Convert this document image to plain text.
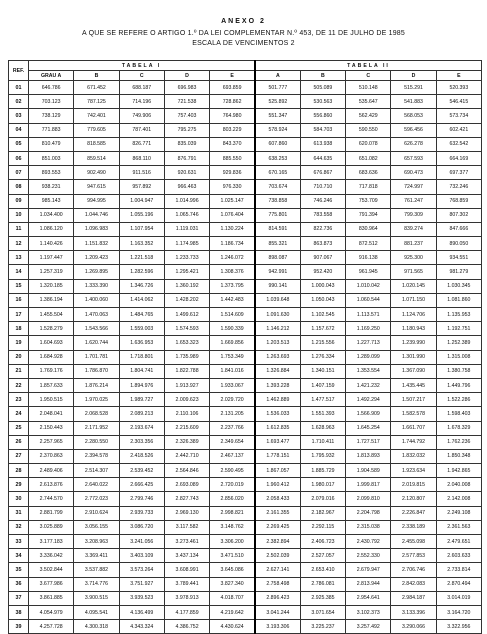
ANEXO 2
A QUE SE REFERE O ARTIGO 1.º DA LEI COMPLEMENTAR N.º 453, DE 11 DE JULHO DE 1985
ESCALA DE VENCIMENTOS 2
REF.	TABELA I					TABELA II				
	GRAU A	B	C	D	E	A	B	C	D	E
01	646.786	671.452	688.187	696.983	693.859	501.777	505.089	510.148	515.291	520.393
02	703.123	787.125	714.196	721.538	728.862	525.892	530.563	535.647	541.883	546.415
03	738.129	742.401	749.906	757.403	764.980	551.347	556.860	562.429	568.053	573.734
04	771.883	779.605	787.401	795.275	803.229	578.924	584.703	590.550	596.456	602.421
05	810.479	818.585	826.771	835.039	843.370	607.860	613.938	620.078	626.278	632.542
06	851.003	859.514	868.110	876.791	885.550	638.253	644.635	651.082	657.593	664.169
07	893.553	902.490	911.516	920.631	929.836	670.165	676.867	683.636	690.473	697.377
08	938.231	947.615	957.892	966.463	976.330	703.674	710.710	717.818	724.997	732.246
09	985.143	994.995	1.004.947	1.014.996	1.025.147	738.858	746.246	753.709	761.247	768.859
10	1.034.400	1.044.746	1.055.196	1.065.746	1.076.404	775.801	783.558	791.394	799.309	807.302
11	1.086.120	1.096.983	1.107.954	1.119.031	1.130.224	814.591	822.736	830.964	839.274	847.666
12	1.140.426	1.151.832	1.163.352	1.174.985	1.186.734	855.321	863.873	872.512	881.237	890.050
13	1.197.447	1.209.423	1.221.518	1.233.733	1.246.072	898.087	907.067	916.138	925.300	934.551
14	1.257.319	1.269.895	1.282.596	1.295.421	1.308.376	942.991	952.420	961.945	971.565	981.279
15	1.320.185	1.333.390	1.346.726	1.360.192	1.373.795	990.141	1.000.043	1.010.042	1.020.145	1.030.345
16	1.386.194	1.400.060	1.414.062	1.428.202	1.442.483	1.039.648	1.050.043	1.060.544	1.071.150	1.081.860
17	1.455.504	1.470.063	1.484.765	1.499.612	1.514.609	1.091.630	1.102.545	1.113.571	1.124.706	1.135.953
18	1.528.279	1.543.566	1.559.003	1.574.593	1.590.339	1.146.212	1.157.672	1.169.250	1.180.943	1.192.751
19	1.604.693	1.620.744	1.636.953	1.653.323	1.669.856	1.203.513	1.215.556	1.227.713	1.239.990	1.252.389
20	1.684.928	1.701.781	1.718.801	1.735.989	1.753.349	1.263.693	1.276.334	1.289.099	1.301.990	1.315.008
21	1.769.176	1.786.870	1.804.741	1.822.788	1.841.016	1.326.884	1.340.151	1.353.554	1.367.090	1.380.758
22	1.857.633	1.876.214	1.894.976	1.913.927	1.933.067	1.393.228	1.407.159	1.421.232	1.435.445	1.449.796
23	1.950.515	1.970.025	1.989.727	2.009.623	2.029.720	1.462.889	1.477.517	1.492.294	1.507.217	1.522.286
24	2.048.041	2.068.528	2.089.213	2.110.106	2.131.205	1.536.033	1.551.393	1.566.909	1.582.578	1.598.403
25	2.150.443	2.171.952	2.193.674	2.215.609	2.237.766	1.612.835	1.628.963	1.645.254	1.661.707	1.678.329
26	2.257.965	2.280.550	2.303.356	2.326.389	2.349.654	1.693.477	1.710.411	1.727.517	1.744.792	1.762.236
27	2.370.863	2.394.578	2.418.526	2.442.710	2.467.137	1.778.151	1.795.932	1.813.893	1.832.032	1.850.348
28	2.489.406	2.514.307	2.539.452	2.564.846	2.590.495	1.867.057	1.885.729	1.904.589	1.923.634	1.942.865
29	2.613.876	2.640.022	2.666.425	2.693.089	2.720.019	1.960.412	1.980.017	1.999.817	2.019.815	2.040.008
30	2.744.570	2.772.023	2.799.746	2.827.743	2.856.020	2.058.433	2.079.016	2.099.810	2.120.807	2.142.008
31	2.881.799	2.910.624	2.939.733	2.969.130	2.998.821	2.161.355	2.182.967	2.204.798	2.226.847	2.249.108
32	3.025.889	3.056.155	3.086.720	3.117.582	3.148.762	2.269.425	2.292.115	2.315.038	2.338.189	2.361.563
33	3.177.183	3.208.963	3.241.056	3.273.461	3.306.200	2.382.894	2.406.723	2.430.792	2.455.098	2.479.651
34	3.336.042	3.369.411	3.403.109	3.437.134	3.471.510	2.502.039	2.527.057	2.552.330	2.577.853	2.603.633
35	3.502.844	3.537.882	3.573.264	3.608.991	3.645.086	2.627.141	2.653.410	2.679.947	2.706.746	2.733.814
36	3.677.986	3.714.776	3.751.927	3.789.441	3.827.340	2.758.498	2.786.081	2.813.944	2.842.083	2.870.494
37	3.861.885	3.900.515	3.939.523	3.978.913	4.018.707	2.896.423	2.925.385	2.954.641	2.984.187	3.014.019
38	4.054.979	4.095.541	4.136.499	4.177.859	4.219.642	3.041.244	3.071.654	3.102.373	3.133.396	3.164.720
39	4.257.728	4.300.318	4.343.324	4.386.752	4.430.624	3.193.306	3.225.237	3.257.492	3.290.066	3.322.956
